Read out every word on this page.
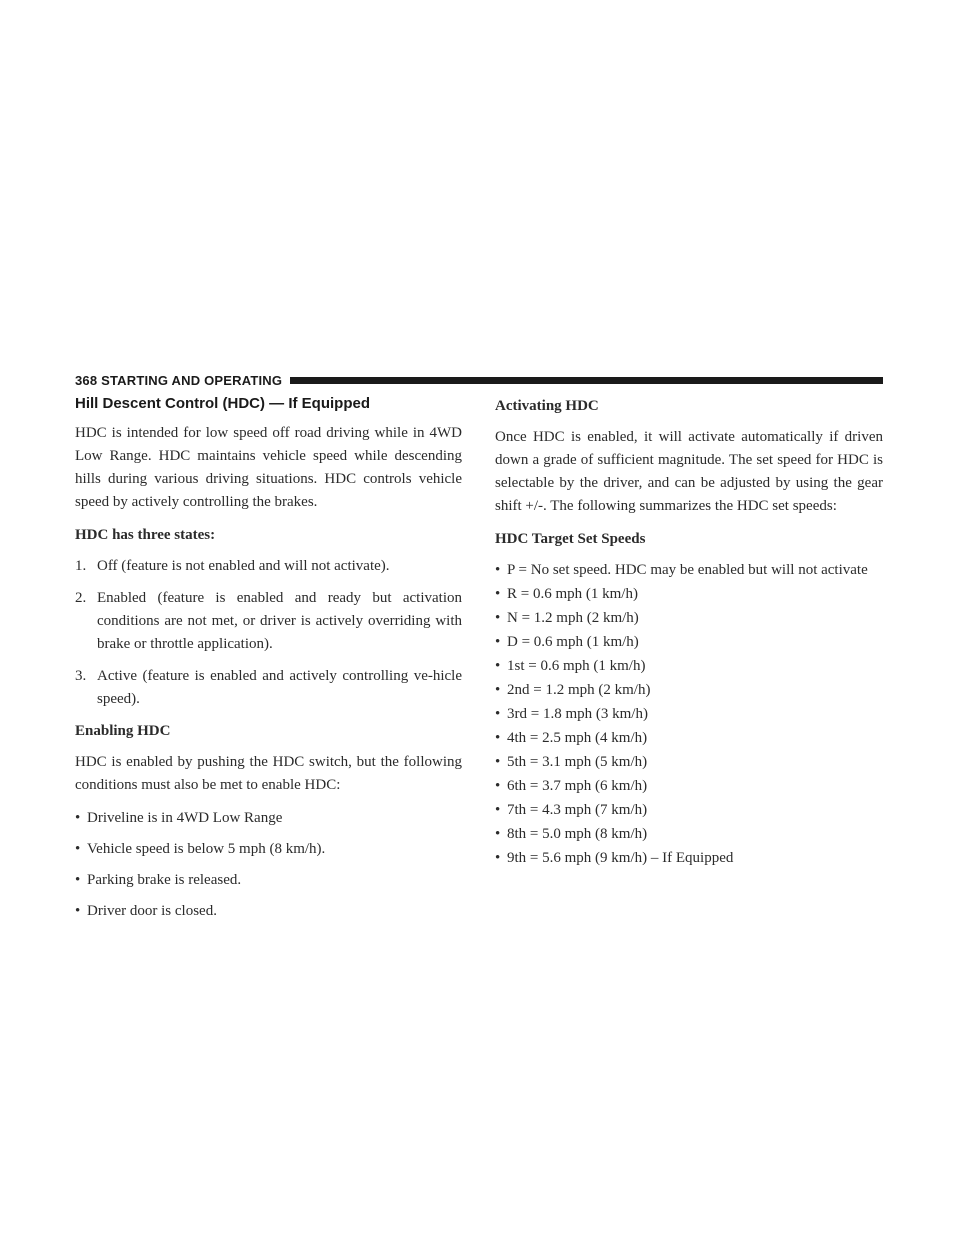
368 STARTING AND OPERATING
Hill Descent Control (HDC) — If Equipped

HDC is intended for low speed off road driving while in 4WD Low Range. HDC maintains vehicle speed while descending hills during various driving situations. HDC controls vehicle speed by actively controlling the brakes.

HDC has three states:
1. Off (feature is not enabled and will not activate).
2. Enabled (feature is enabled and ready but activation conditions are not met, or driver is actively overriding with brake or throttle application).
3. Active (feature is enabled and actively controlling ve-hicle speed).
Enabling HDC

HDC is enabled by pushing the HDC switch, but the following conditions must also be met to enable HDC:

• Driveline is in 4WD Low Range
• Vehicle speed is below 5 mph (8 km/h).
• Parking brake is released.
• Driver door is closed.
Activating HDC

Once HDC is enabled, it will activate automatically if driven down a grade of sufficient magnitude. The set speed for HDC is selectable by the driver, and can be adjusted by using the gear shift +/-. The following summarizes the HDC set speeds:

HDC Target Set Speeds
• P = No set speed. HDC may be enabled but will not activate
• R = 0.6 mph (1 km/h)
• N = 1.2 mph (2 km/h)
• D = 0.6 mph (1 km/h)
• 1st = 0.6 mph (1 km/h)
• 2nd = 1.2 mph (2 km/h)
• 3rd = 1.8 mph (3 km/h)
• 4th = 2.5 mph (4 km/h)
• 5th = 3.1 mph (5 km/h)
• 6th = 3.7 mph (6 km/h)
• 7th = 4.3 mph (7 km/h)
• 8th = 5.0 mph (8 km/h)
• 9th = 5.6 mph (9 km/h) – If Equipped
